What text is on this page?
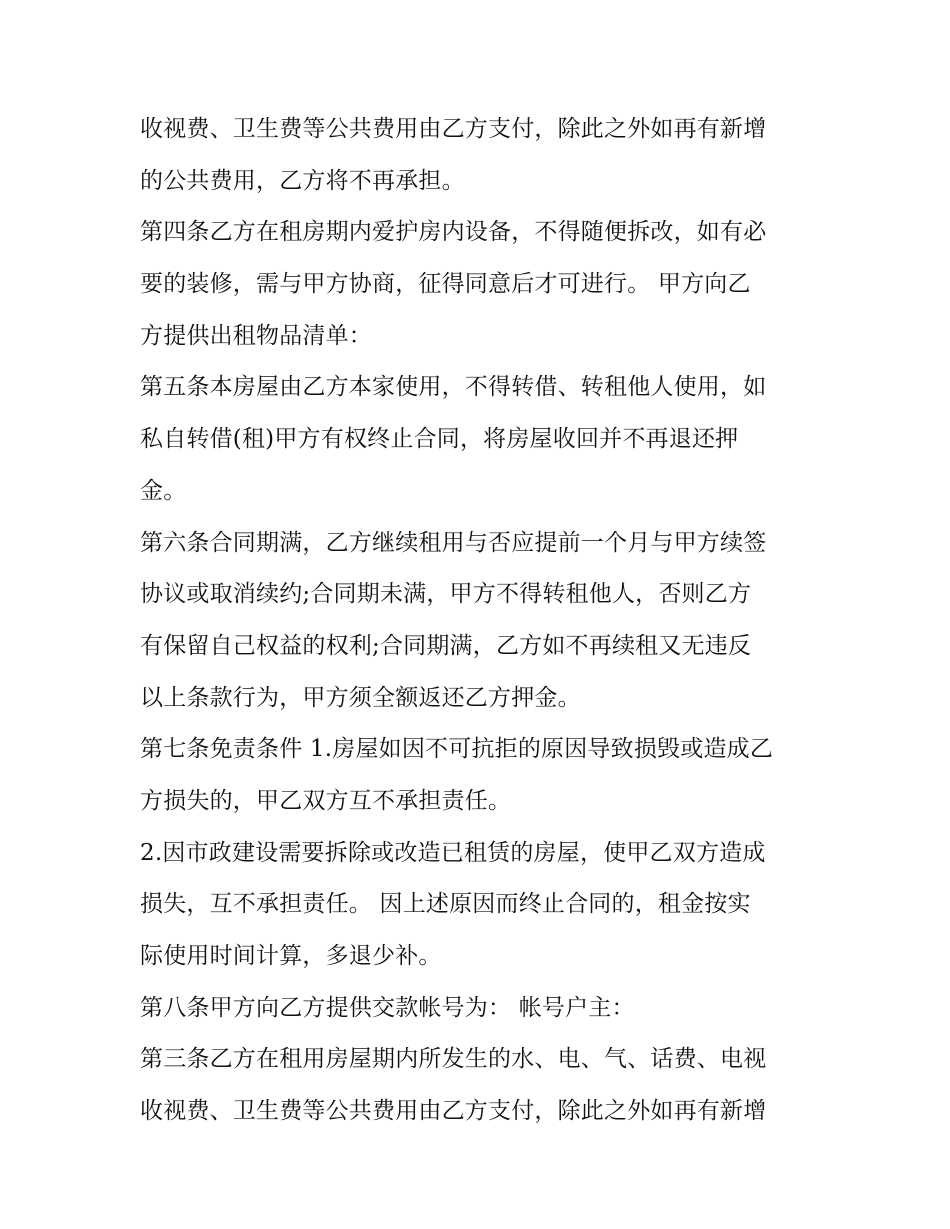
收视费、卫生费等公共费用由乙方支付，除此之外如再有新增
的公共费用，乙方将不再承担。
第四条乙方在租房期内爱护房内设备，不得随便拆改，如有必
要的装修，需与甲方协商，征得同意后才可进行。 甲方向乙
方提供出租物品清单：
第五条本房屋由乙方本家使用，不得转借、转租他人使用，如
私自转借(租)甲方有权终止合同，将房屋收回并不再退还押
金。
第六条合同期满，乙方继续租用与否应提前一个月与甲方续签
协议或取消续约;合同期未满，甲方不得转租他人，否则乙方
有保留自己权益的权利;合同期满，乙方如不再续租又无违反
以上条款行为，甲方须全额返还乙方押金。
第七条免责条件 1.房屋如因不可抗拒的原因导致损毁或造成乙
方损失的，甲乙双方互不承担责任。
2.因市政建设需要拆除或改造已租赁的房屋，使甲乙双方造成
损失，互不承担责任。 因上述原因而终止合同的，租金按实
际使用时间计算，多退少补。
第八条甲方向乙方提供交款帐号为： 帐号户主：
第三条乙方在租用房屋期内所发生的水、电、气、话费、电视
收视费、卫生费等公共费用由乙方支付，除此之外如再有新增
